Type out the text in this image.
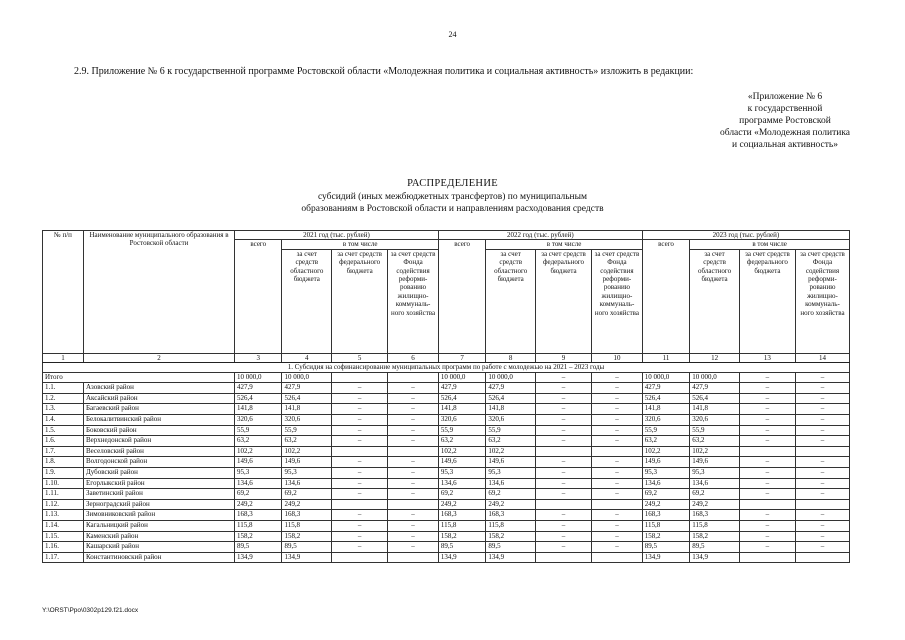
24
2.9. Приложение № 6 к государственной программе Ростовской области «Молодежная политика и социальная активность» изложить в редакции:
«Приложение № 6
к государственной
программе Ростовской
области «Молодежная политика
и социальная активность»
РАСПРЕДЕЛЕНИЕ
субсидий (иных межбюджетных трансфертов) по муниципальным
образованиям в Ростовской области и направлениям расходования средств
№ п/п	Наименование муниципального образования в Ростовской области	2021 год (тыс. рублей)				2022 год (тыс. рублей)				2023 год (тыс. рублей)			
		всего	в том числе			всего	в том числе			всего	в том числе		
			за счет средств областного бюджета	за счет средств федерального бюджета	за счет средств Фонда содействия реформи- рованию жилищно- коммуналь- ного хозяйства		за счет средств областного бюджета	за счет средств федерального бюджета	за счет средств Фонда содействия реформи- рованию жилищно- коммуналь- ного хозяйства		за счет средств областного бюджета	за счет средств федерального бюджета	за счет средств Фонда содействия реформи- рованию жилищно- коммуналь- ного хозяйства
1	2	3	4	5	6	7	8	9	10	11	12	13	14
1. Субсидия на софинансирование муниципальных программ по работе с молодежью на 2021 – 2023 годы													
Итого		10 000,0	10 000,0			10 000,0	10 000,0	–	–	10 000,0	10 000,0	–	–
1.1.	Азовский район	427,9	427,9	–	–	427,9	427,9	–	–	427,9	427,9	–	–
1.2.	Аксайский район	526,4	526,4	–	–	526,4	526,4	–	–	526,4	526,4	–	–
1.3.	Багаевский район	141,8	141,8	–	–	141,8	141,8	–	–	141,8	141,8	–	–
1.4.	Белокалитвинский район	320,6	320,6	–	–	320,6	320,6	–	–	320,6	320,6	–	–
1.5.	Боковский район	55,9	55,9	–	–	55,9	55,9	–	–	55,9	55,9	–	–
1.6.	Верхнедонской район	63,2	63,2	–	–	63,2	63,2	–	–	63,2	63,2	–	–
1.7.	Веселовский район	102,2	102,2			102,2	102,2			102,2	102,2		
1.8.	Волгодонской район	149,6	149,6	–	–	149,6	149,6	–	–	149,6	149,6	–	–
1.9.	Дубовский район	95,3	95,3	–	–	95,3	95,3	–	–	95,3	95,3	–	–
1.10.	Егорлыкский район	134,6	134,6	–	–	134,6	134,6	–	–	134,6	134,6	–	–
1.11.	Заветинский район	69,2	69,2	–	–	69,2	69,2	–	–	69,2	69,2	–	–
1.12.	Зерноградский район	249,2	249,2			249,2	249,2			249,2	249,2		
1.13.	Зимовниковский район	168,3	168,3	–	–	168,3	168,3	–	–	168,3	168,3	–	–
1.14.	Кагальницкий район	115,8	115,8	–	–	115,8	115,8	–	–	115,8	115,8	–	–
1.15.	Каменский район	158,2	158,2	–	–	158,2	158,2	–	–	158,2	158,2	–	–
1.16.	Кашарский район	89,5	89,5	–	–	89,5	89,5	–	–	89,5	89,5	–	–
1.17.	Константиновский район	134,9	134,9			134,9	134,9			134,9	134,9		
Y:\ORST\Ppo\0302p129.f21.docx
